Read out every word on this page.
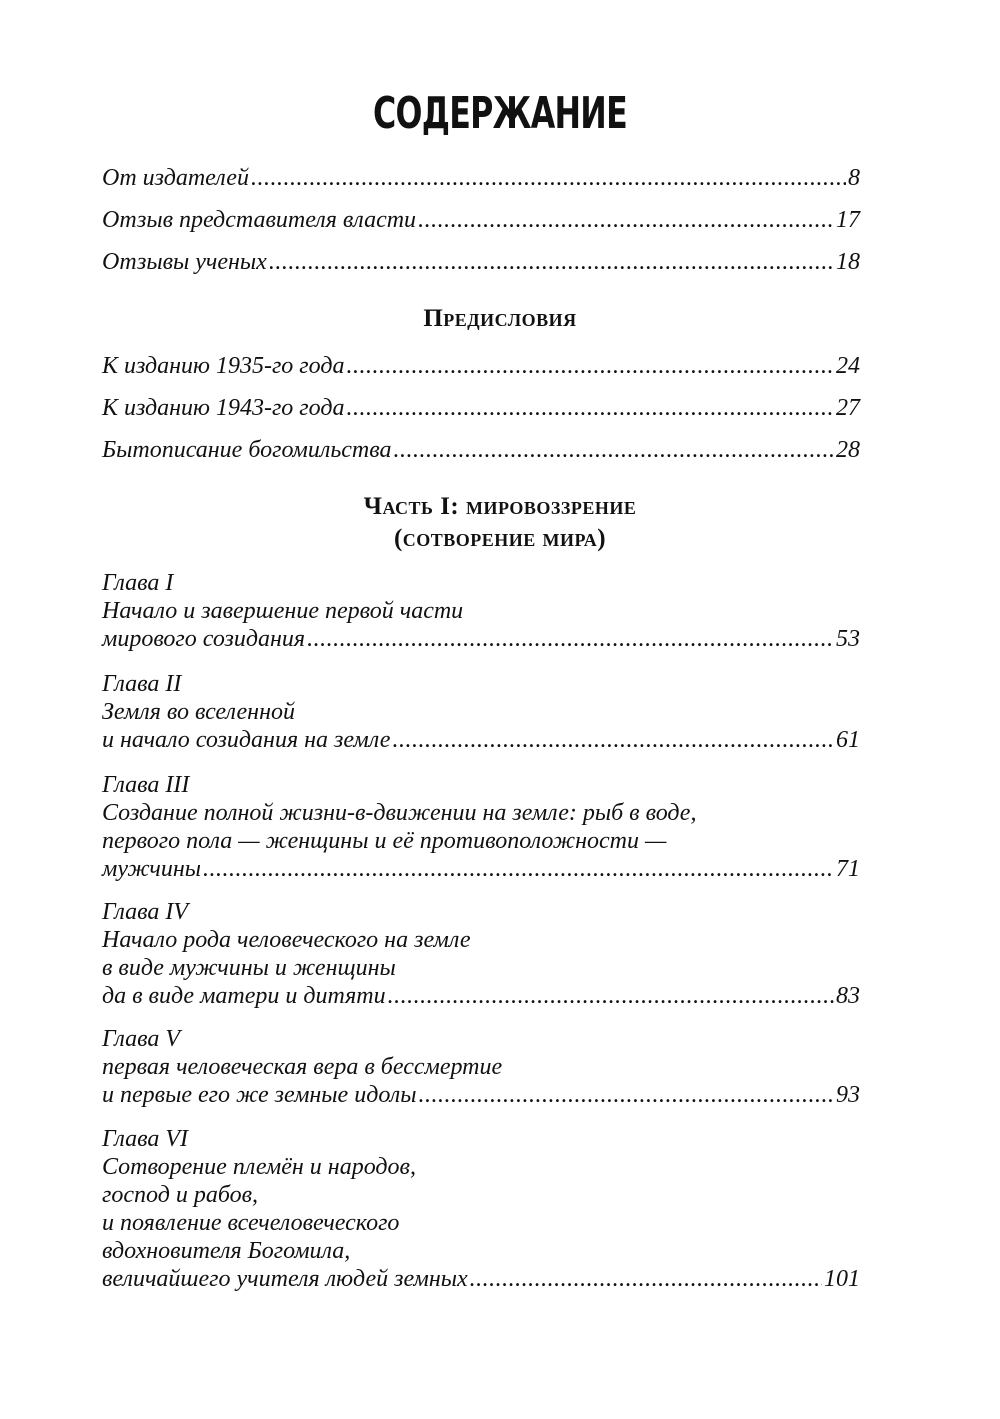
СОДЕРЖАНИЕ
От издателей .....	8
Отзыв представителя власти .....	17
Отзывы ученых .....	18
Предисловия
К изданию 1935-го года .....	24
К изданию 1943-го года .....	27
Бытописание богомильства .....	28
Часть I: мировоззрение
(сотворение мира)
Глава I
Начало и завершение первой части
мирового созидания .....	53
Глава II
Земля во вселенной
и начало созидания на земле .....	61
Глава III
Создание полной жизни-в-движении на земле: рыб в воде,
первого пола — женщины и её противоположности —
мужчины .....	71
Глава IV
Начало рода человеческого на земле
в виде мужчины и женщины
да в виде матери и дитяти .....	83
Глава V
первая человеческая вера в бессмертие
и первые его же земные идолы .....	93
Глава VI
Сотворение племён и народов,
господ и рабов,
и появление всечеловеческого
вдохновителя Богомила,
величайшего учителя людей земных .....	101
